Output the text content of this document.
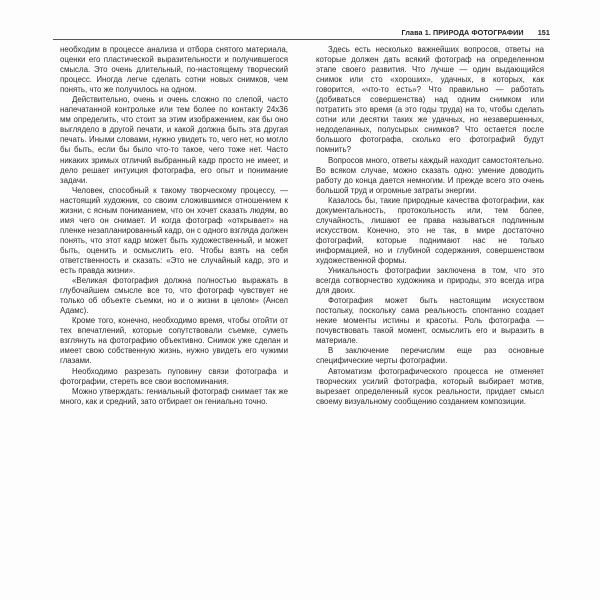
Глава 1. ПРИРОДА ФОТОГРАФИИ 151

необходим в процессе анализа и отбора снятого материала, оценки его пластической выразительности и получившегося смысла. Это очень длительный, по-настоящему творческий процесс. Иногда легче сделать сотни новых снимков, чем понять, что же получилось на одном.

Действительно, очень и очень сложно по слепой, часто напечатанной контрольке или тем более по контакту 24х36 мм определить, что стоит за этим изображением, как бы оно выглядело в другой печати, и какой должна быть эта другая печать. Иными словами, нужно увидеть то, чего нет, но могло бы быть, если бы было что-то такое, чего тоже нет. Часто никаких зримых отличий выбранный кадр просто не имеет, и дело решает интуиция фотографа, его опыт и понимание задачи.

Человек, способный к такому творческому процессу, — настоящий художник, со своим сложившимся отношением к жизни, с ясным пониманием, что он хочет сказать людям, во имя чего он снимает. И когда фотограф «открывает» на пленке незапланированный кадр, он с одного взгляда должен понять, что этот кадр может быть художественный, и может быть, оценить и осмыслить его. Чтобы взять на себя ответственность и сказать: «Это не случайный кадр, это и есть правда жизни».

«Великая фотография должна полностью выражать в глубочайшем смысле все то, что фотограф чувствует не только об объекте съемки, но и о жизни в целом» (Ансел Адамс).

Кроме того, конечно, необходимо время, чтобы отойти от тех впечатлений, которые сопутствовали съемке, суметь взглянуть на фотографию объективно. Снимок уже сделан и имеет свою собственную жизнь, нужно увидеть его чужими глазами.

Необходимо разрезать пуповину связи фотографа и фотографии, стереть все свои воспоминания.

Можно утверждать: гениальный фотограф снимает так же много, как и средний, зато отбирает он гениально точно.

Здесь есть несколько важнейших вопросов, ответы на которые должен дать всякий фотограф на определенном этапе своего развития. Что лучше — один выдающийся снимок или сто «хороших», удачных, в которых, как говорится, «что-то есть»? Что правильно — работать (добиваться совершенства) над одним снимком или потратить это время (а это годы труда) на то, чтобы сделать сотни или десятки таких же удачных, но незавершенных, недоделанных, полусырых снимков? Что остается после большого фотографа, сколько его фотографий будут помнить?

Вопросов много, ответы каждый находит самостоятельно. Во всяком случае, можно сказать одно: умение доводить работу до конца дается немногим. И прежде всего это очень большой труд и огромные затраты энергии.

Казалось бы, такие природные качества фотографии, как документальность, протокольность или, тем более, случайность, лишают ее права называться подлинным искусством. Конечно, это не так, в мире достаточно фотографий, которые поднимают нас не только информацией, но и глубиной содержания, совершенством художественной формы.

Уникальность фотографии заключена в том, что это всегда сотворчество художника и природы, это всегда игра для двоих.

Фотография может быть настоящим искусством постольку, поскольку сама реальность спонтанно создает некие моменты истины и красоты. Роль фотографа — почувствовать такой момент, осмыслить его и выразить в материале.

В заключение перечислим еще раз основные специфические черты фотографии.

Автоматизм фотографического процесса не отменяет творческих усилий фотографа, который выбирает мотив, вырезает определенный кусок реальности, придает смысл своему визуальному сообщению созданием композиции.
